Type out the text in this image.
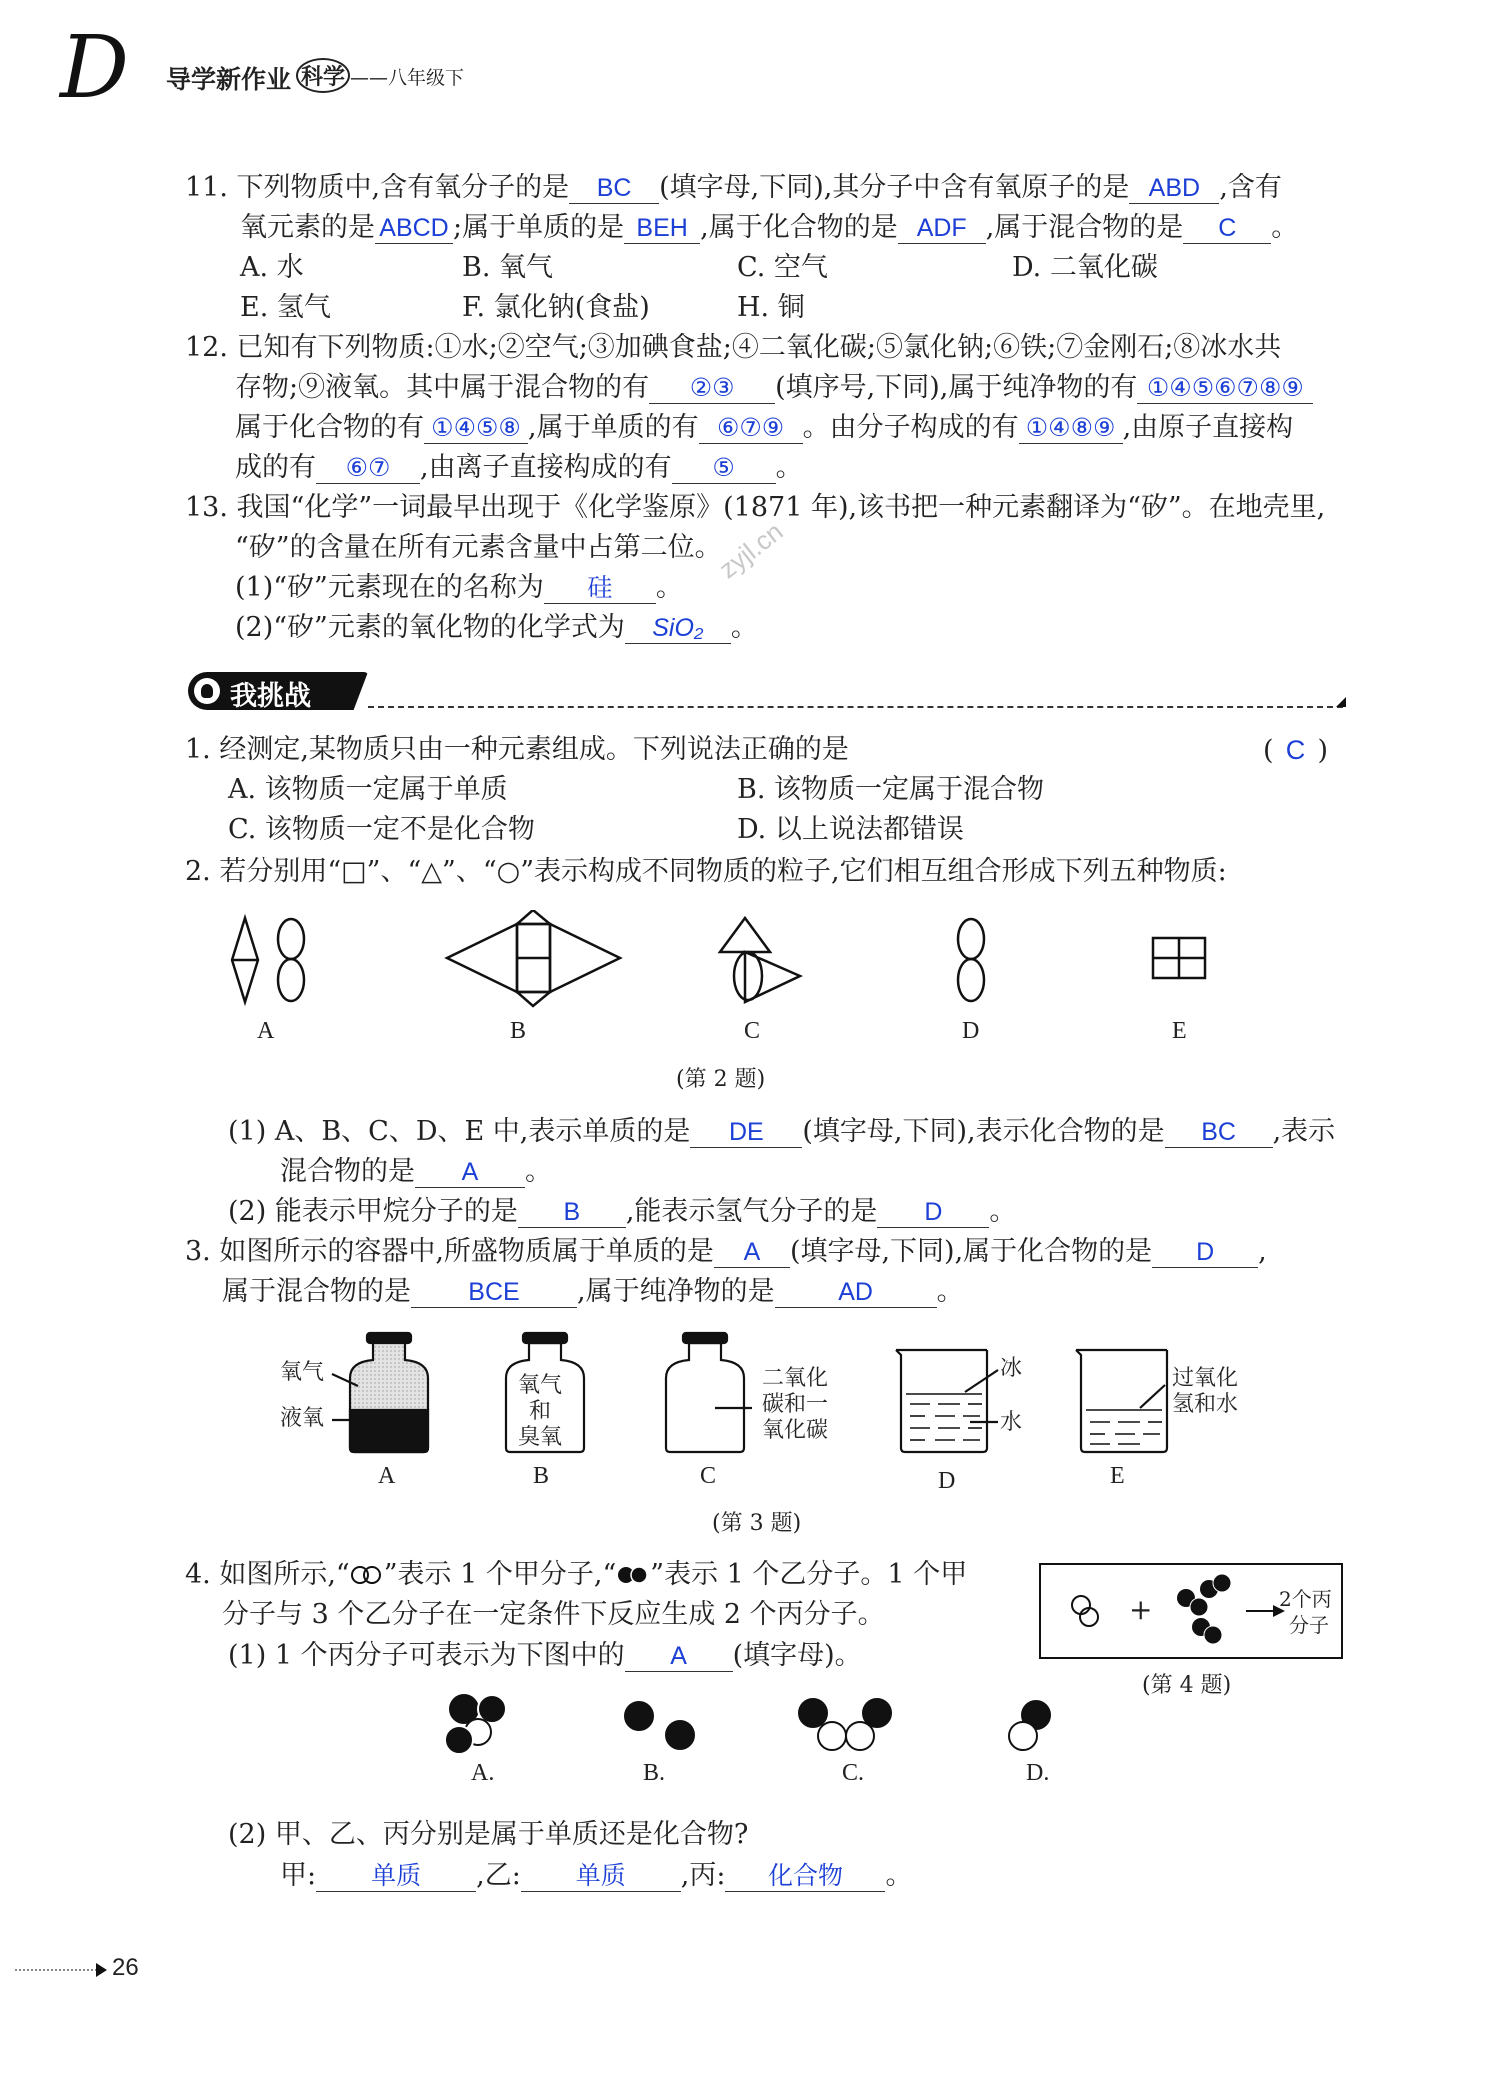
D 导学新作业 科学 ——八年级下
11. 下列物质中,含有氧分子的是 BC (填字母,下同),其分子中含有氧原子的是 ABD ,含有
氧元素的是 ABCD ;属于单质的是 BEH ,属于化合物的是 ADF ,属于混合物的是 C 。
A. 水	B. 氧气	C. 空气	D. 二氧化碳
E. 氢气	F. 氯化钠(食盐)	H. 铜
12. 已知有下列物质:①水;②空气;③加碘食盐;④二氧化碳;⑤氯化钠;⑥铁;⑦金刚石;⑧冰水共
存物;⑨液氧。其中属于混合物的有 ②③ (填序号,下同),属于纯净物的有 ①④⑤⑥⑦⑧⑨
属于化合物的有 ①④⑤⑧ ,属于单质的有 ⑥⑦⑨ 。由分子构成的有 ①④⑧⑨ ,由原子直接构
成的有 ⑥⑦ ,由离子直接构成的有 ⑤ 。
13. 我国“化学”一词最早出现于《化学鉴原》(1871 年),该书把一种元素翻译为“矽”。在地壳里,
“矽”的含量在所有元素含量中占第二位。
zyjl.cn
(1)“矽”元素现在的名称为 硅 。
(2)“矽”元素的氧化物的化学式为 SiO₂ 。
我挑战
1. 经测定,某物质只由一种元素组成。下列说法正确的是	( C )
A. 该物质一定属于单质	B. 该物质一定属于混合物
C. 该物质一定不是化合物	D. 以上说法都错误
2. 若分别用“□”、“△”、“○”表示构成不同物质的粒子,它们相互组合形成下列五种物质:
A	B	C	D	E
(第 2 题)
(1) A、B、C、D、E 中,表示单质的是 DE (填字母,下同),表示化合物的是 BC ,表示
混合物的是 A 。
(2) 能表示甲烷分子的是 B ,能表示氢气分子的是 D 。
3. 如图所示的容器中,所盛物质属于单质的是 A (填字母,下同),属于化合物的是 D ,
属于混合物的是 BCE ,属于纯净物的是	AD 。
氧气
液氧
氧气
和
臭氧
二氧化
碳和一
氧化碳
冰
水
过氧化
氢和水
A	B	C	D	E
(第 3 题)
4. 如图所示,“ ”表示 1 个甲分子,“ ”表示 1 个乙分子。1 个甲
分子与 3 个乙分子在一定条件下反应生成 2 个丙分子。
(1) 1 个丙分子可表示为下图中的 A (填字母)。
+	2个丙
分子
(第 4 题)
A.	B.	C.	D.
(2) 甲、乙、丙分别是属于单质还是化合物?
甲: 单质 ,乙: 单质 ,丙: 化合物 。
26
